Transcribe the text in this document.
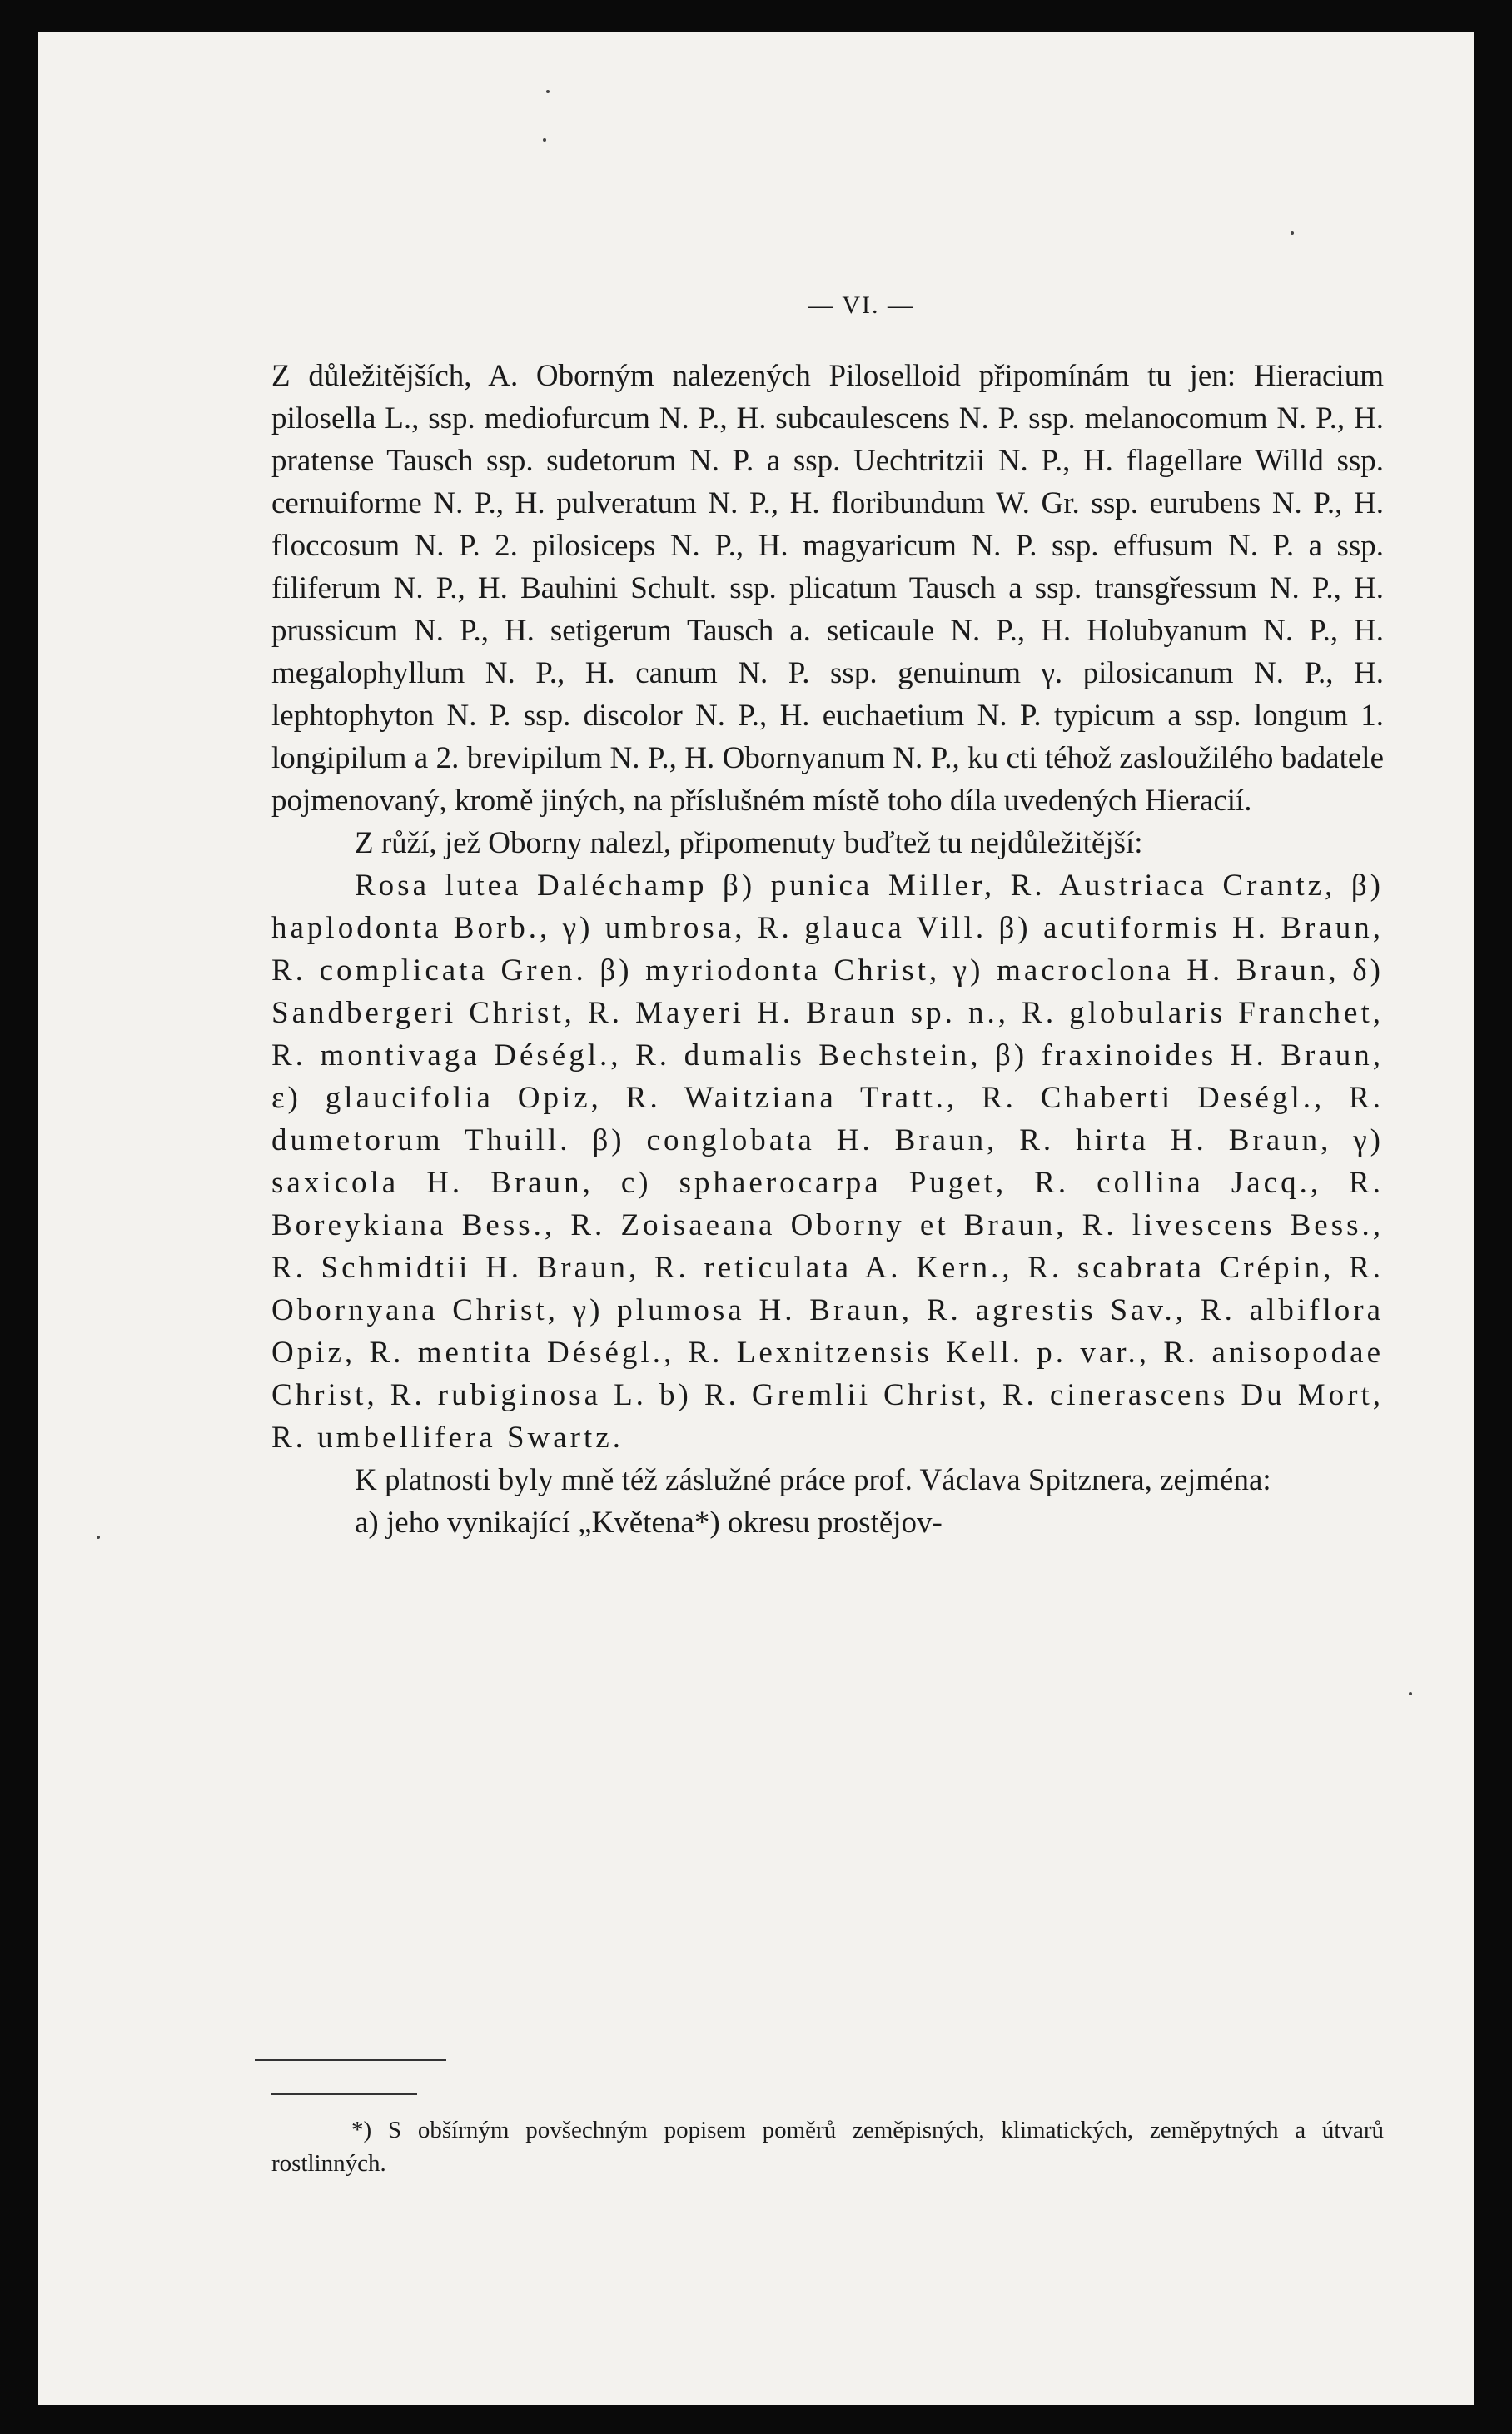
— VI. —

Z důležitějších, A. Oborným nalezených Piloselloid připomínám tu jen: Hieracium pilosella L., ssp. mediofurcum N. P., H. subcaulescens N. P. ssp. melanocomum N. P., H. pratense Tausch ssp. sudetorum N. P. a ssp. Uechtritzii N. P., H. flagellare Willd ssp. cernuiforme N. P., H. pulveratum N. P., H. floribundum W. Gr. ssp. eurubens N. P., H. floccosum N. P. 2. pilosiceps N. P., H. magyaricum N. P. ssp. effusum N. P. a ssp. filiferum N. P., H. Bauhini Schult. ssp. plicatum Tausch a ssp. transgřessum N. P., H. prussicum N. P., H. setigerum Tausch a. seticaule N. P., H. Holubyanum N. P., H. megalophyllum N. P., H. canum N. P. ssp. genuinum γ. pilosicanum N. P., H. lephtophyton N. P. ssp. discolor N. P., H. euchaetium N. P. typicum a ssp. longum 1. longipilum a 2. brevipilum N. P., H. Obornyanum N. P., ku cti téhož zasloužilého badatele pojmenovaný, kromě jiných, na příslušném místě toho díla uvedených Hieracií.

Z růží, jež Oborny nalezl, připomenuty buďtež tu nejdůležitější:

Rosa lutea Daléchamp β) punica Miller, R. Austriaca Crantz, β) haplodonta Borb., γ) umbrosa, R. glauca Vill. β) acutiformis H. Braun, R. complicata Gren. β) myriodonta Christ, γ) macroclona H. Braun, δ) Sandbergeri Christ, R. Mayeri H. Braun sp. n., R. globularis Franchet, R. montivaga Déségl., R. dumalis Bechstein, β) fraxinoides H. Braun, ε) glaucifolia Opiz, R. Waitziana Tratt., R. Chaberti Deségl., R. dumetorum Thuill. β) conglobata H. Braun, R. hirta H. Braun, γ) saxicola H. Braun, c) sphaerocarpa Puget, R. collina Jacq., R. Boreykiana Bess., R. Zoisaeana Oborny et Braun, R. livescens Bess., R. Schmidtii H. Braun, R. reticulata A. Kern., R. scabrata Crépin, R. Obornyana Christ, γ) plumosa H. Braun, R. agrestis Sav., R. albiflora Opiz, R. mentita Déségl., R. Lexnitzensis Kell. p. var., R. anisopodae Christ, R. rubiginosa L. b) R. Gremlii Christ, R. cinerascens Du Mort, R. umbellifera Swartz.

K platnosti byly mně též záslužné práce prof. Václava Spitznera, zejména:

a) jeho vynikající „Květena*) okresu prostějov-

*) S obšírným povšechným popisem poměrů zeměpisných, klimatických, zeměpytných a útvarů rostlinných.
